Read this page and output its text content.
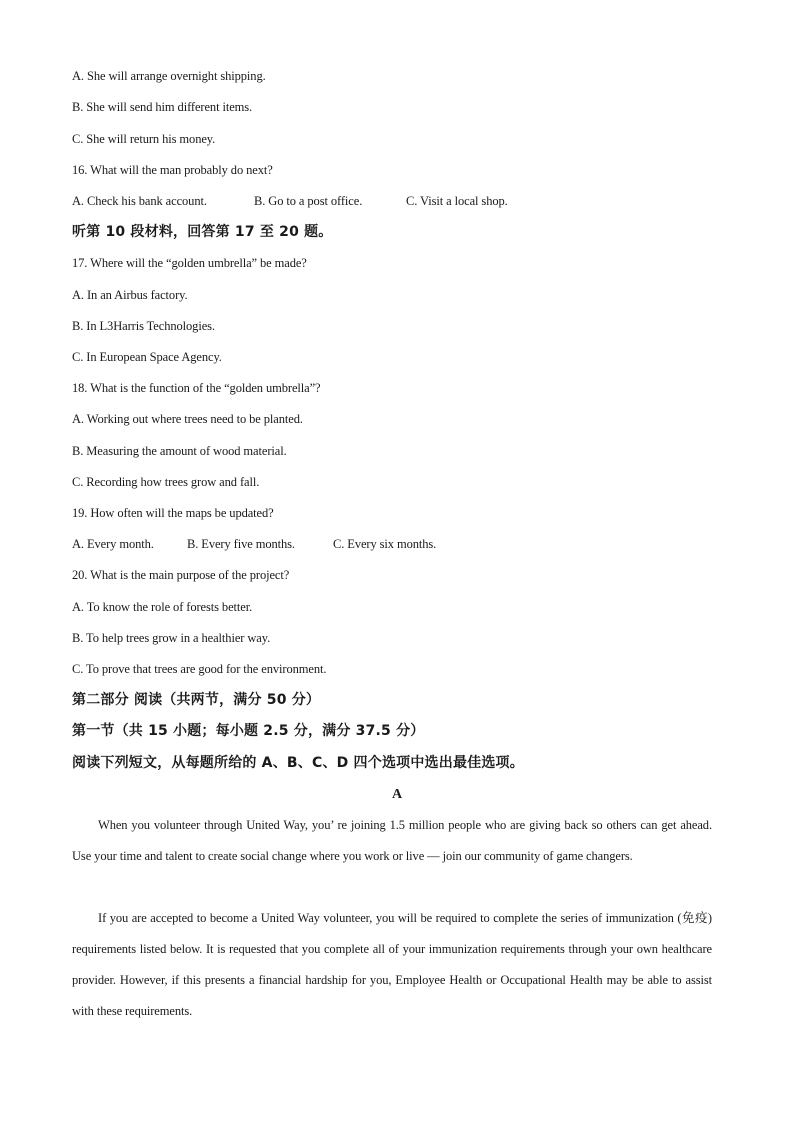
A. She will arrange overnight shipping.
B. She will send him different items.
C. She will return his money.
16. What will the man probably do next?
A. Check his bank account.	B. Go to a post office.	C. Visit a local shop.
听第 10 段材料，回答第 17 至 20 题。
17. Where will the “golden umbrella” be made?
A. In an Airbus factory.
B. In L3Harris Technologies.
C. In European Space Agency.
18. What is the function of the “golden umbrella”?
A. Working out where trees need to be planted.
B. Measuring the amount of wood material.
C. Recording how trees grow and fall.
19. How often will the maps be updated?
A. Every month.	B. Every five months.	C. Every six months.
20. What is the main purpose of the project?
A. To know the role of forests better.
B. To help trees grow in a healthier way.
C. To prove that trees are good for the environment.
第二部分 阅读（共两节，满分 50 分）
第一节（共 15 小题；每小题 2.5 分，满分 37.5 分）
阅读下列短文，从每题所给的 A、B、C、D 四个选项中选出最佳选项。
A
When you volunteer through United Way, you’ re joining 1.5 million people who are giving back so others can get ahead. Use your time and talent to create social change where you work or live — join our community of game changers.
If you are accepted to become a United Way volunteer, you will be required to complete the series of immunization (免疫) requirements listed below. It is requested that you complete all of your immunization requirements through your own healthcare provider. However, if this presents a financial hardship for you, Employee Health or Occupational Health may be able to assist with these requirements.
